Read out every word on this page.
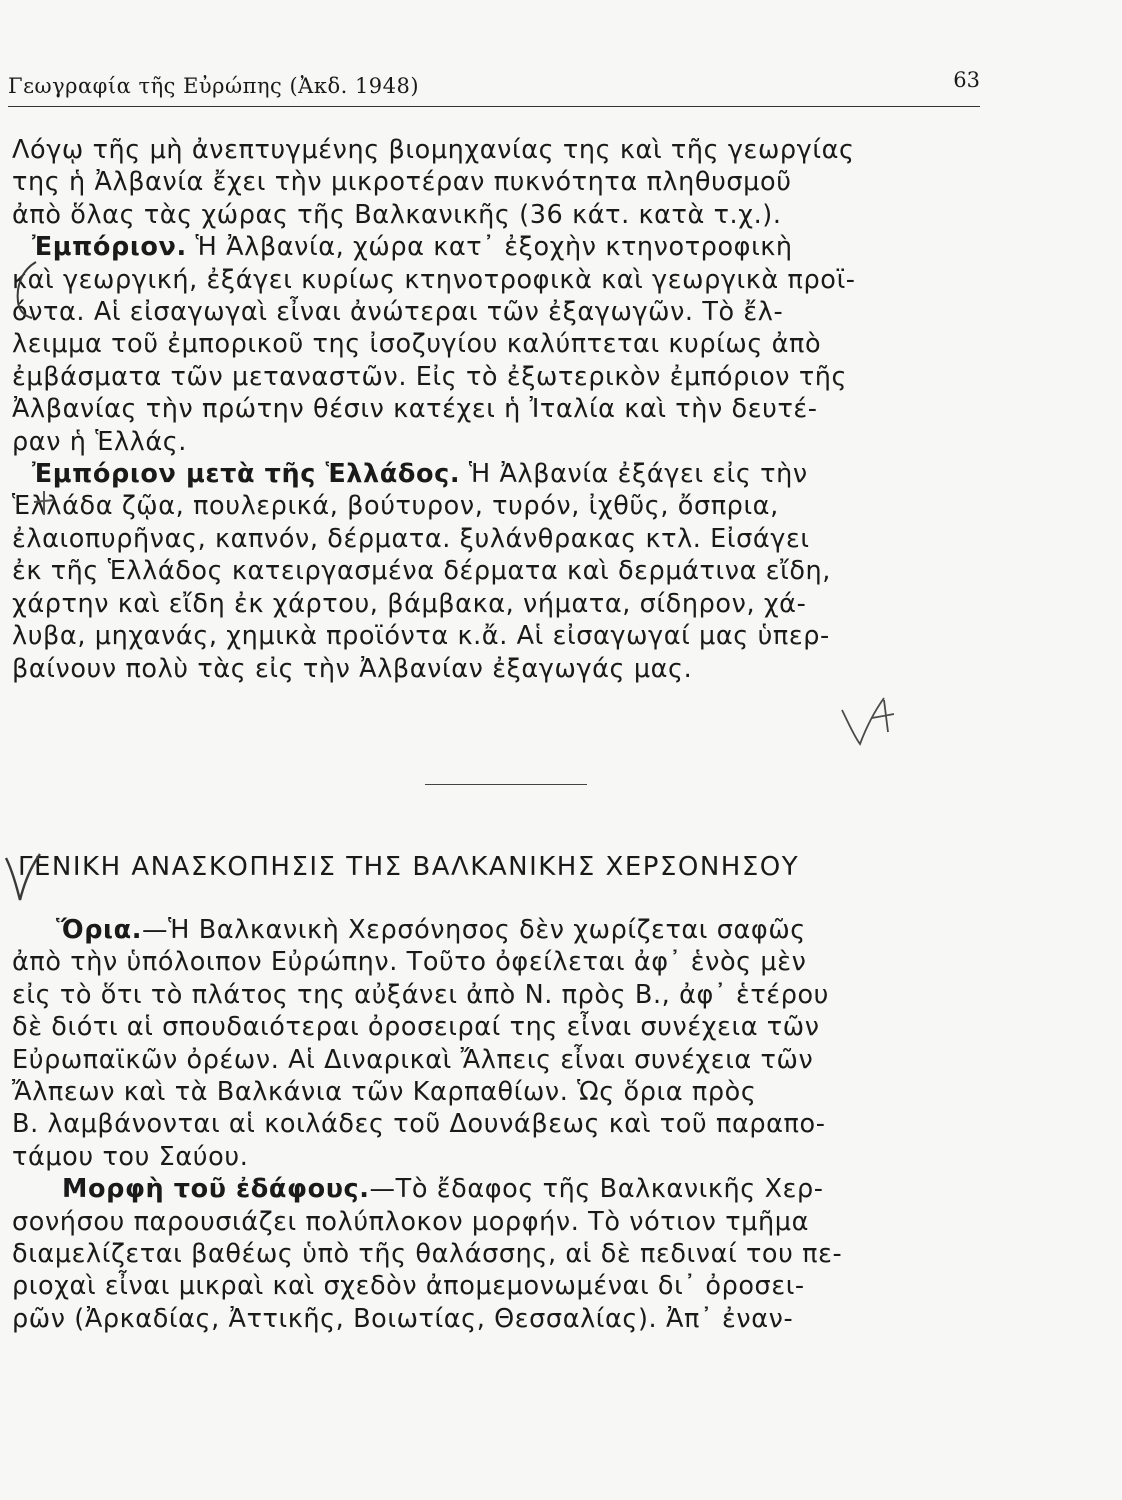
Γεωγραφία τῆς Εὐρώπης (Ἀκδ. 1948)	63
Λόγῳ τῆς μὴ ἀνεπτυγμένης βιομηχανίας της καὶ τῆς γεωργίας
της ἡ Ἀλβανία ἔχει τὴν μικροτέραν πυκνότητα πληθυσμοῦ
ἀπὸ ὅλας τὰς χώρας τῆς Βαλκανικῆς (36 κάτ. κατὰ τ.χ.).
Ἐμπόριον. Ἡ Ἀλβανία, χώρα κατ᾽ ἐξοχὴν κτηνοτροφικὴ
καὶ γεωργική, ἐξάγει κυρίως κτηνοτροφικὰ καὶ γεωργικὰ προϊ-
όντα. Αἱ εἰσαγωγαὶ εἶναι ἀνώτεραι τῶν ἐξαγωγῶν. Τὸ ἔλ-
λειμμα τοῦ ἐμπορικοῦ της ἰσοζυγίου καλύπτεται κυρίως ἀπὸ
ἐμβάσματα τῶν μεταναστῶν. Εἰς τὸ ἐξωτερικὸν ἐμπόριον τῆς
Ἀλβανίας τὴν πρώτην θέσιν κατέχει ἡ Ἰταλία καὶ τὴν δευτέ-
ραν ἡ Ἑλλάς.
Ἐμπόριον μετὰ τῆς Ἑλλάδος. Ἡ Ἀλβανία ἐξάγει εἰς τὴν
Ἑλλάδα ζῷα, πουλερικά, βούτυρον, τυρόν, ἰχθῦς, ὄσπρια,
ἐλαιοπυρῆνας, καπνόν, δέρματα. ξυλάνθρακας κτλ. Εἰσάγει
ἐκ τῆς Ἑλλάδος κατειργασμένα δέρματα καὶ δερμάτινα εἴδη,
χάρτην καὶ εἴδη ἐκ χάρτου, βάμβακα, νήματα, σίδηρον, χά-
λυβα, μηχανάς, χημικὰ προϊόντα κ.ἄ. Αἱ εἰσαγωγαί μας ὑπερ-
βαίνουν πολὺ τὰς εἰς τὴν Ἀλβανίαν ἐξαγωγάς μας.
ΓΕΝΙΚΗ ΑΝΑΣΚΟΠΗΣΙΣ ΤΗΣ ΒΑΛΚΑΝΙΚΗΣ ΧΕΡΣΟΝΗΣΟΥ
Ὅρια.—Ἡ Βαλκανικὴ Χερσόνησος δὲν χωρίζεται σαφῶς
ἀπὸ τὴν ὑπόλοιπον Εὐρώπην. Τοῦτο ὀφείλεται ἀφ᾽ ἑνὸς μὲν
εἰς τὸ ὅτι τὸ πλάτος της αὐξάνει ἀπὸ Ν. πρὸς Β., ἀφ᾽ ἑτέρου
δὲ διότι αἱ σπουδαιότεραι ὀροσειραί της εἶναι συνέχεια τῶν
Εὐρωπαϊκῶν ὀρέων. Αἱ Διναρικαὶ Ἄλπεις εἶναι συνέχεια τῶν
Ἄλπεων καὶ τὰ Βαλκάνια τῶν Καρπαθίων. Ὡς ὅρια πρὸς
Β. λαμβάνονται αἱ κοιλάδες τοῦ Δουνάβεως καὶ τοῦ παραπο-
τάμου του Σαύου.
Μορφὴ τοῦ ἐδάφους.—Τὸ ἔδαφος τῆς Βαλκανικῆς Χερ-
σονήσου παρουσιάζει πολύπλοκον μορφήν. Τὸ νότιον τμῆμα
διαμελίζεται βαθέως ὑπὸ τῆς θαλάσσης, αἱ δὲ πεδιναί του πε-
ριοχαὶ εἶναι μικραὶ καὶ σχεδὸν ἀπομεμονωμέναι δι᾽ ὀροσει-
ρῶν (Ἀρκαδίας, Ἀττικῆς, Βοιωτίας, Θεσσαλίας). Ἀπ᾽ ἐναν-
